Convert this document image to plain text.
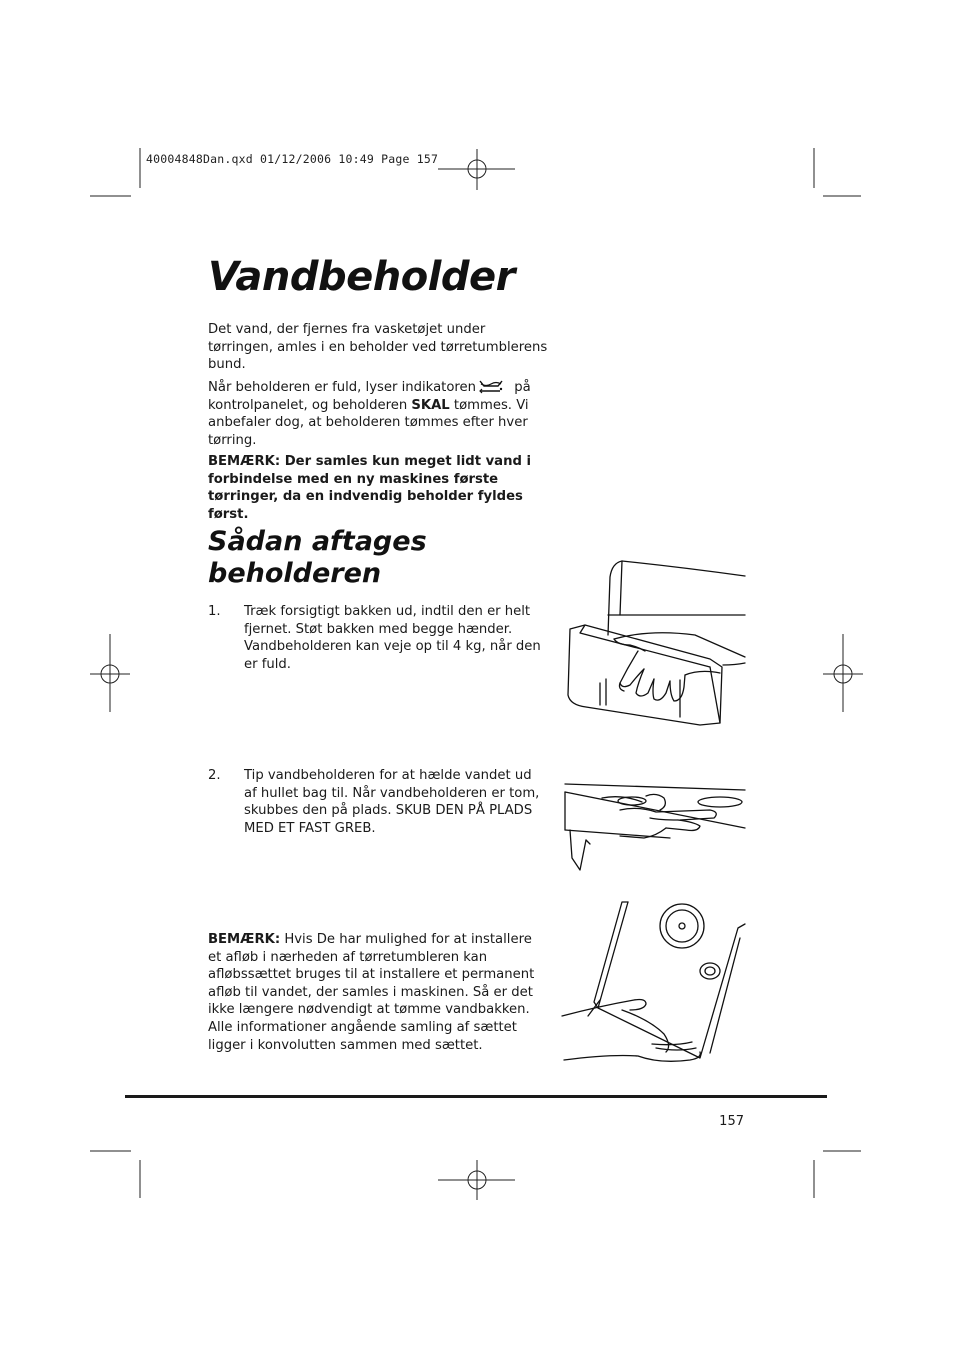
40004848Dan.qxd 01/12/2006 10:49 Page 157
Vandbeholder
Det vand, der fjernes fra vasketøjet under tørringen, amles i en beholder ved tørretumblerens bund.
Når beholderen er fuld, lyser indikatoren	på kontrolpanelet, og beholderen SKAL tømmes. Vi anbefaler dog, at beholderen tømmes efter hver tørring.
BEMÆRK: Der samles kun meget lidt vand i forbindelse med en ny maskines første tørringer, da en indvendig beholder fyldes først.
Sådan aftages beholderen
1. Træk forsigtigt bakken ud, indtil den er helt fjernet. Støt bakken med begge hænder. Vandbeholderen kan veje op til 4 kg, når den er fuld.
2. Tip vandbeholderen for at hælde vandet ud af hullet bag til. Når vandbeholderen er tom, skubbes den på plads. SKUB DEN PÅ PLADS MED ET FAST GREB.
BEMÆRK: Hvis De har mulighed for at installere et afløb i nærheden af tørretumbleren kan afløbssættet bruges til at installere et permanent afløb til vandet, der samles i maskinen. Så er det ikke længere nødvendigt at tømme vandbakken. Alle informationer angående samling af sættet ligger i konvolutten sammen med sættet.
157
